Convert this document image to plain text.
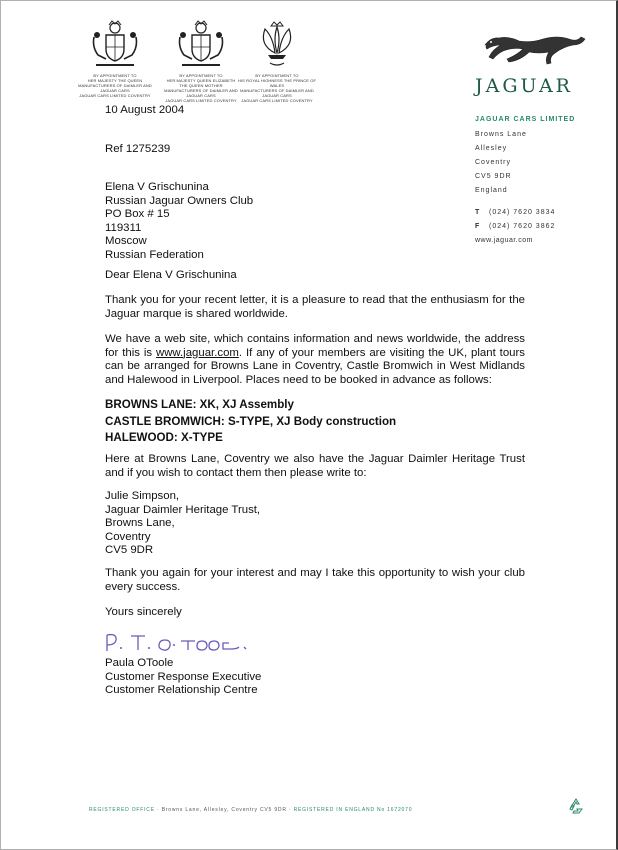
BY APPOINTMENT TO
HER MAJESTY THE QUEEN
MANUFACTURERS OF DAIMLER AND JAGUAR CARS
JAGUAR CARS LIMITED COVENTRY
BY APPOINTMENT TO
HER MAJESTY QUEEN ELIZABETH
THE QUEEN MOTHER
MANUFACTURERS OF DAIMLER AND JAGUAR CARS
JAGUAR CARS LIMITED COVENTRY
BY APPOINTMENT TO
HIS ROYAL HIGHNESS THE PRINCE OF WALES
MANUFACTURERS OF DAIMLER AND JAGUAR CARS
JAGUAR CARS LIMITED COVENTRY
JAGUAR
JAGUAR CARS LIMITED
Browns Lane
Allesley
Coventry
CV5 9DR
England
T (024) 7620 3834
F (024) 7620 3862
www.jaguar.com
10 August 2004
Ref 1275239
Elena V Grischunina
Russian Jaguar Owners Club
PO Box # 15
119311
Moscow
Russian Federation
Dear Elena V Grischunina
Thank you for your recent letter, it is a pleasure to read that the enthusiasm for the Jaguar marque is shared worldwide.
We have a web site, which contains information and news worldwide, the address for this is www.jaguar.com. If any of your members are visiting the UK, plant tours can be arranged for Browns Lane in Coventry, Castle Bromwich in West Midlands and Halewood in Liverpool. Places need to be booked in advance as follows:
BROWNS LANE: XK, XJ Assembly
CASTLE BROMWICH: S-TYPE, XJ Body construction
HALEWOOD: X-TYPE
Here at Browns Lane, Coventry we also have the Jaguar Daimler Heritage Trust and if you wish to contact them then please write to:
Julie Simpson,
Jaguar Daimler Heritage Trust,
Browns Lane,
Coventry
CV5 9DR
Thank you again for your interest and may I take this opportunity to wish your club every success.
Yours sincerely
Paula OToole
Customer Response Executive
Customer Relationship Centre
REGISTERED OFFICE · Browns Lane, Allesley, Coventry CV5 9DR · REGISTERED IN ENGLAND No 1672070
